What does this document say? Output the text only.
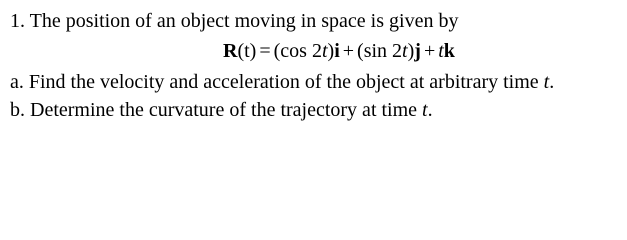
1. The position of an object moving in space is given by
R(t) = (cos 2t)i + (sin 2t)j + tk
a. Find the velocity and acceleration of the object at arbitrary time t.
b. Determine the curvature of the trajectory at time t.
